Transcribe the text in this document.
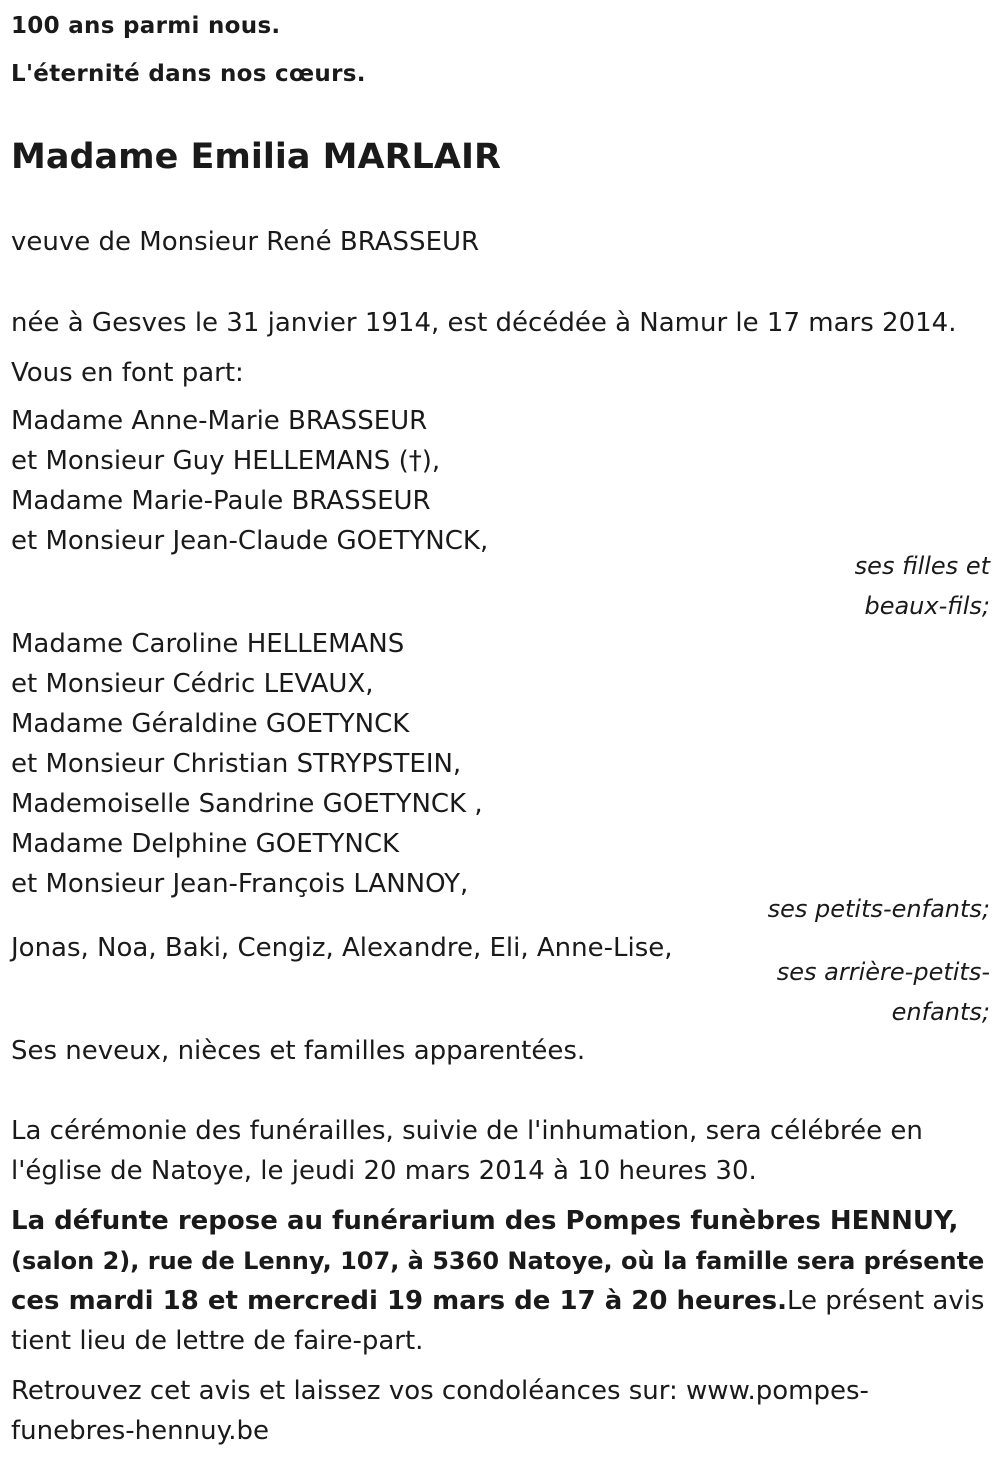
100 ans parmi nous.
L'éternité dans nos cœurs.
Madame Emilia MARLAIR
veuve de Monsieur René BRASSEUR
née à Gesves le 31 janvier 1914, est décédée à Namur le 17 mars 2014.
Vous en font part:
Madame Anne-Marie BRASSEUR
et Monsieur Guy HELLEMANS (†),
Madame Marie-Paule BRASSEUR
et Monsieur Jean-Claude GOETYNCK,
ses filles et
beaux-fils;
Madame Caroline HELLEMANS
et Monsieur Cédric LEVAUX,
Madame Géraldine GOETYNCK
et Monsieur Christian STRYPSTEIN,
Mademoiselle Sandrine GOETYNCK ,
Madame Delphine GOETYNCK
et Monsieur Jean-François LANNOY,
ses petits-enfants;
Jonas, Noa, Baki, Cengiz, Alexandre, Eli, Anne-Lise,
ses arrière-petits-
enfants;
Ses neveux, nièces et familles apparentées.
La cérémonie des funérailles, suivie de l'inhumation, sera célébrée en
l'église de Natoye, le jeudi 20 mars 2014 à 10 heures 30.
La défunte repose au funérarium des Pompes funèbres HENNUY,
(salon 2), rue de Lenny, 107, à 5360 Natoye, où la famille sera présente
ces mardi 18 et mercredi 19 mars de 17 à 20 heures.Le présent avis
tient lieu de lettre de faire-part.
Retrouvez cet avis et laissez vos condoléances sur: www.pompes-
funebres-hennuy.be
